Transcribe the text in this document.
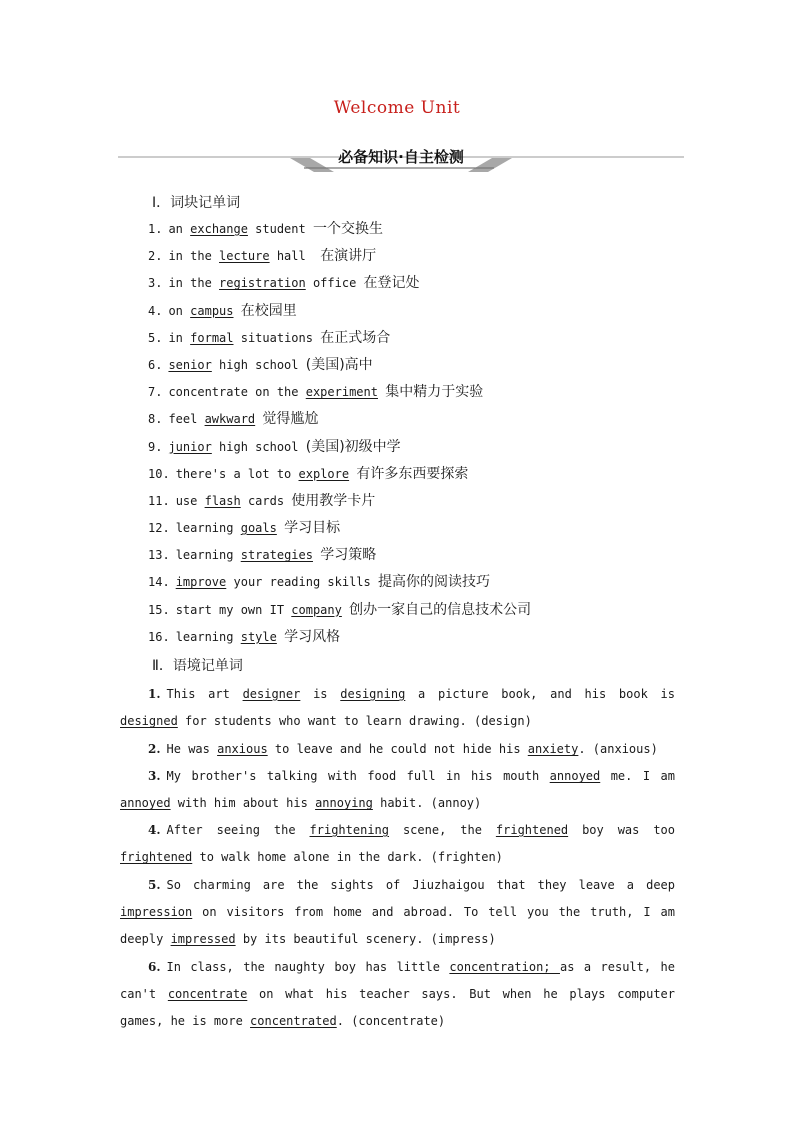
Welcome Unit
必备知识·自主检测
Ⅰ．词块记单词
1. an exchange student 一个交换生
2. in the lecture hall  在演讲厅
3. in the registration office 在登记处
4. on campus 在校园里
5. in formal situations 在正式场合
6. senior high school (美国)高中
7. concentrate on the experiment 集中精力于实验
8. feel awkward 觉得尴尬
9. junior high school (美国)初级中学
10. there's a lot to explore 有许多东西要探索
11. use flash cards 使用教学卡片
12. learning goals 学习目标
13. learning strategies 学习策略
14. improve your reading skills 提高你的阅读技巧
15. start my own IT company 创办一家自己的信息技术公司
16. learning style 学习风格
Ⅱ．语境记单词
1. This art designer is designing a picture book, and his book is designed for students who want to learn drawing. (design)
2. He was anxious to leave and he could not hide his anxiety. (anxious)
3. My brother's talking with food full in his mouth annoyed me. I am annoyed with him about his annoying habit. (annoy)
4. After seeing the frightening scene, the frightened boy was too frightened to walk home alone in the dark. (frighten)
5. So charming are the sights of Jiuzhaigou that they leave a deep impression on visitors from home and abroad. To tell you the truth, I am deeply impressed by its beautiful scenery. (impress)
6. In class, the naughty boy has little concentration; as a result, he can't concentrate on what his teacher says. But when he plays computer games, he is more concentrated. (concentrate)
